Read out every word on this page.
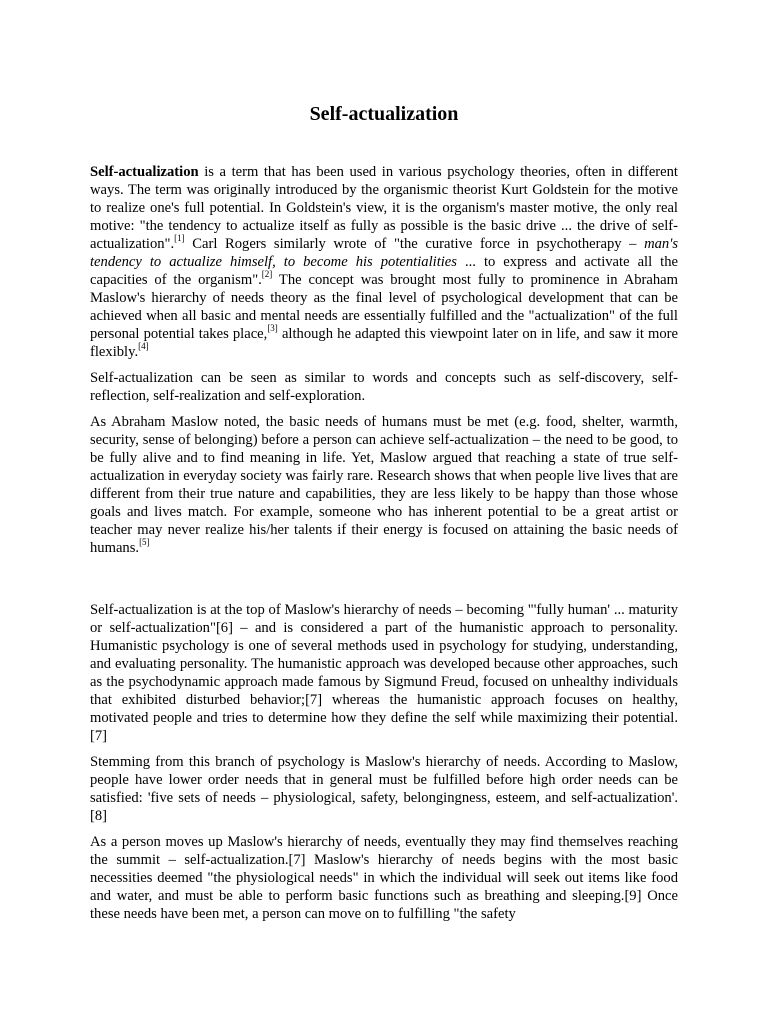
Self-actualization

Self-actualization is a term that has been used in various psychology theories, often in different ways. The term was originally introduced by the organismic theorist Kurt Goldstein for the motive to realize one's full potential. In Goldstein's view, it is the organism's master motive, the only real motive: "the tendency to actualize itself as fully as possible is the basic drive ... the drive of self-actualization".[1] Carl Rogers similarly wrote of "the curative force in psychotherapy – man's tendency to actualize himself, to become his potentialities ... to express and activate all the capacities of the organism".[2] The concept was brought most fully to prominence in Abraham Maslow's hierarchy of needs theory as the final level of psychological development that can be achieved when all basic and mental needs are essentially fulfilled and the "actualization" of the full personal potential takes place,[3] although he adapted this viewpoint later on in life, and saw it more flexibly.[4]

Self-actualization can be seen as similar to words and concepts such as self-discovery, self-reflection, self-realization and self-exploration.

As Abraham Maslow noted, the basic needs of humans must be met (e.g. food, shelter, warmth, security, sense of belonging) before a person can achieve self-actualization – the need to be good, to be fully alive and to find meaning in life. Yet, Maslow argued that reaching a state of true self-actualization in everyday society was fairly rare. Research shows that when people live lives that are different from their true nature and capabilities, they are less likely to be happy than those whose goals and lives match. For example, someone who has inherent potential to be a great artist or teacher may never realize his/her talents if their energy is focused on attaining the basic needs of humans.[5]

Self-actualization is at the top of Maslow's hierarchy of needs – becoming "'fully human' ... maturity or self-actualization"[6] – and is considered a part of the humanistic approach to personality. Humanistic psychology is one of several methods used in psychology for studying, understanding, and evaluating personality. The humanistic approach was developed because other approaches, such as the psychodynamic approach made famous by Sigmund Freud, focused on unhealthy individuals that exhibited disturbed behavior;[7] whereas the humanistic approach focuses on healthy, motivated people and tries to determine how they define the self while maximizing their potential.[7]

Stemming from this branch of psychology is Maslow's hierarchy of needs. According to Maslow, people have lower order needs that in general must be fulfilled before high order needs can be satisfied: 'five sets of needs – physiological, safety, belongingness, esteem, and self-actualization'.[8]

As a person moves up Maslow's hierarchy of needs, eventually they may find themselves reaching the summit – self-actualization.[7] Maslow's hierarchy of needs begins with the most basic necessities deemed "the physiological needs" in which the individual will seek out items like food and water, and must be able to perform basic functions such as breathing and sleeping.[9] Once these needs have been met, a person can move on to fulfilling "the safety
